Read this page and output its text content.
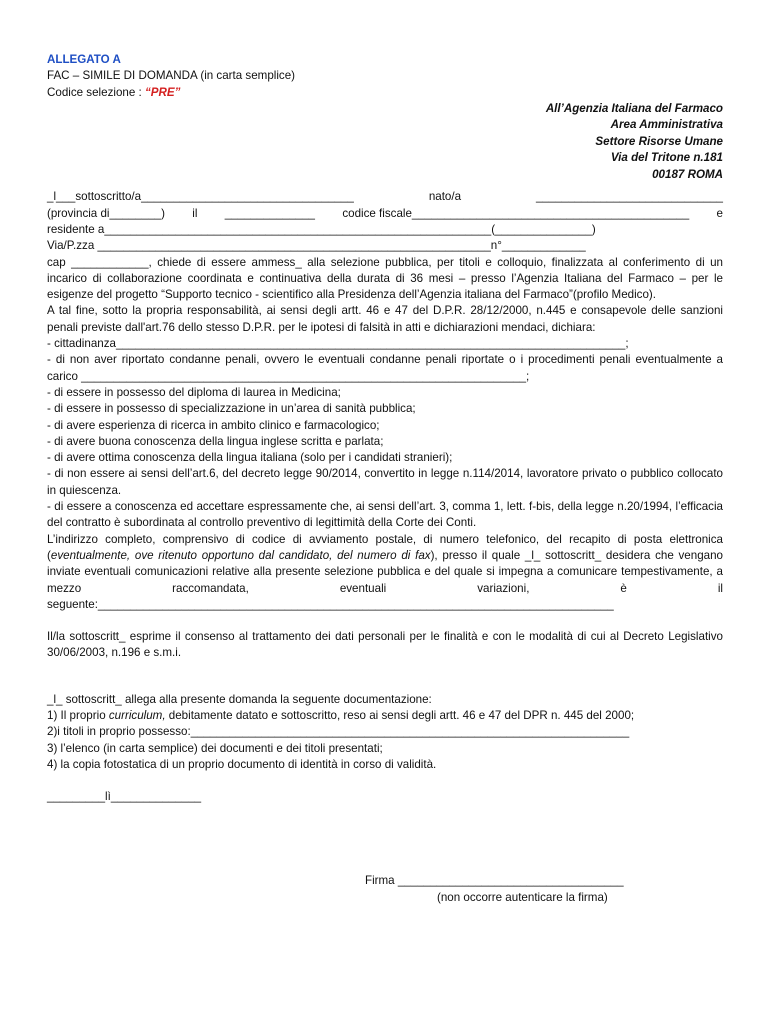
ALLEGATO A
FAC – SIMILE DI DOMANDA (in carta semplice)
Codice selezione : “PRE”
All’Agenzia Italiana del Farmaco
Area Amministrativa
Settore Risorse Umane
Via del Tritone n.181
00187 ROMA
_l___sottoscritto/a_________________________________	nato/a	_____________________________
(provincia di________) il ______________ codice fiscale___________________________________________ e
residente a____________________________________________________________(_______________)
Via/P.zza _____________________________________________________________n°_____________

cap ____________, chiede di essere ammess_ alla selezione pubblica, per titoli e colloquio, finalizzata al conferimento di un incarico di collaborazione coordinata e continuativa della durata di 36 mesi – presso l’Agenzia Italiana del Farmaco – per le esigenze del progetto “Supporto tecnico - scientifico alla Presidenza dell’Agenzia italiana del Farmaco”(profilo Medico).

A tal fine, sotto la propria responsabilità, ai sensi degli artt. 46 e 47 del D.P.R. 28/12/2000, n.445 e consapevole delle sanzioni penali previste dall'art.76 dello stesso D.P.R. per le ipotesi di falsità in atti e dichiarazioni mendaci, dichiara:

- cittadinanza_______________________________________________________________________________;

- di non aver riportato condanne penali, ovvero le eventuali condanne penali riportate o i procedimenti penali eventualmente a carico _____________________________________________________________________;

- di essere in possesso del diploma di laurea in Medicina;

- di essere in possesso di specializzazione in un’area di sanità pubblica;

- di avere esperienza di ricerca in ambito clinico e farmacologico;

- di avere buona conoscenza della lingua inglese scritta e parlata;

- di avere ottima conoscenza della lingua italiana (solo per i candidati stranieri);

- di non essere ai sensi dell’art.6, del decreto legge 90/2014, convertito in legge n.114/2014, lavoratore privato o pubblico collocato in quiescenza.

- di essere a conoscenza ed accettare espressamente che, ai sensi dell’art. 3, comma 1, lett. f-bis, della legge n.20/1994, l’efficacia del contratto è subordinata al controllo preventivo di legittimità della Corte dei Conti.

L’indirizzo completo, comprensivo di codice di avviamento postale, di numero telefonico, del recapito di posta elettronica (eventualmente, ove ritenuto opportuno dal candidato, del numero di fax), presso il quale _l_ sottoscritt_ desidera che vengano inviate eventuali comunicazioni relative alla presente selezione pubblica e del quale si impegna a comunicare tempestivamente, a mezzo raccomandata, eventuali variazioni, è il seguente:________________________________________________________________________________

Il/la sottoscritt_ esprime il consenso al trattamento dei dati personali per le finalità e con le modalità di cui al Decreto Legislativo 30/06/2003, n.196 e s.m.i.

_l_ sottoscritt_ allega alla presente domanda la seguente documentazione:

1) Il proprio curriculum, debitamente datato e sottoscritto, reso ai sensi degli artt. 46 e 47 del DPR n. 445 del 2000;

2)i titoli in proprio possesso:____________________________________________________________________

3) l’elenco (in carta semplice) dei documenti e dei titoli presentati;

4) la copia fotostatica di un proprio documento di identità in corso di validità.

_________lì______________

Firma ___________________________________
(non occorre autenticare la firma)
